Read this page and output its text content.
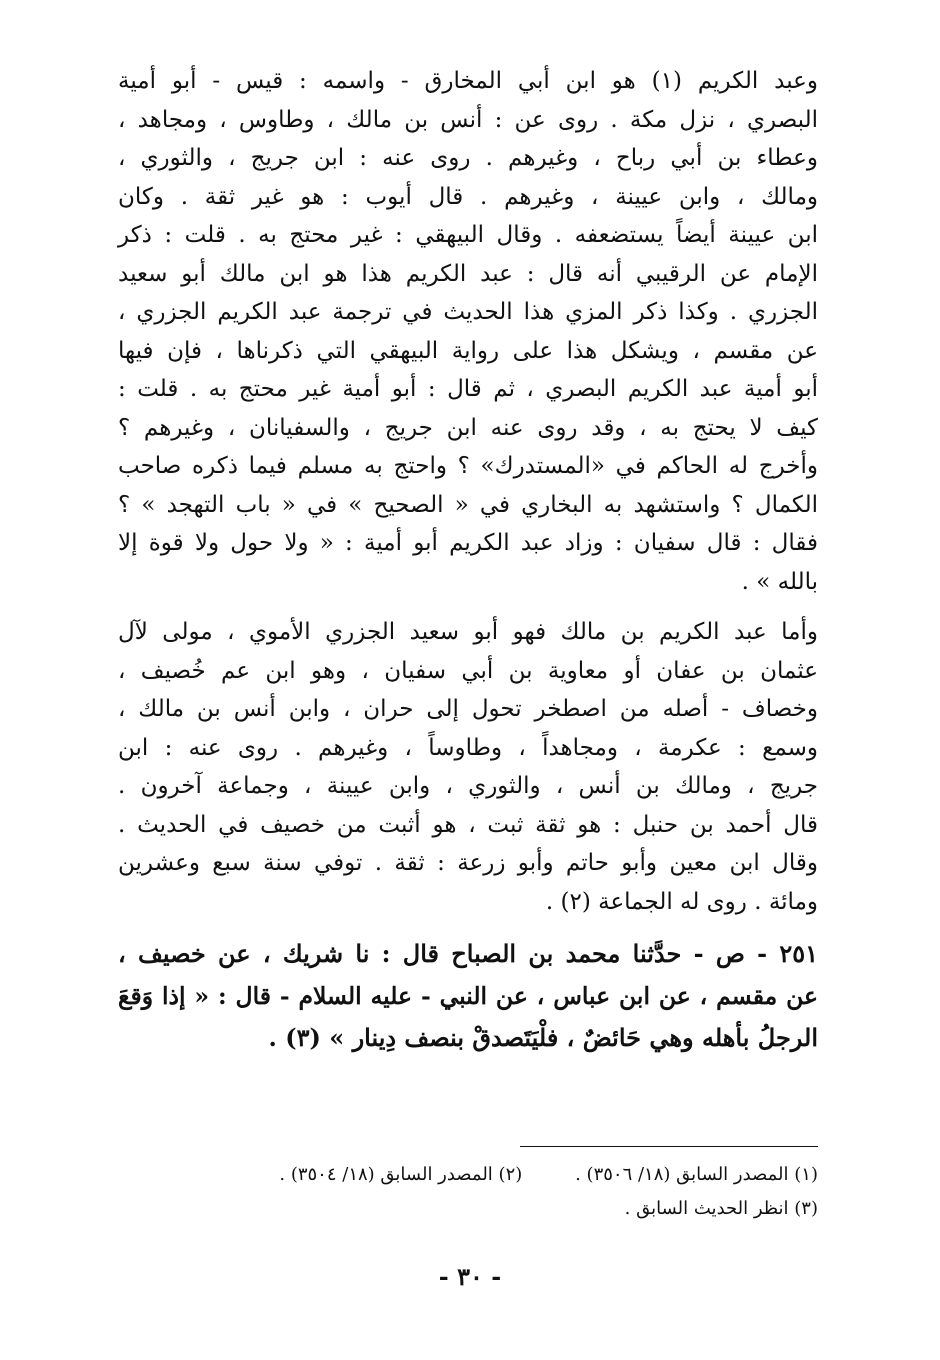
وعبد الكريم (١) هو ابن أبي المخارق - واسمه : قيس - أبو أمية
البصري ، نزل مكة . روى عن : أنس بن مالك ، وطاوس ، ومجاهد ،
وعطاء بن أبي رباح ، وغيرهم . روى عنه : ابن جريج ، والثوري ،
ومالك ، وابن عيينة ، وغيرهم . قال أيوب : هو غير ثقة . وكان
ابن عيينة أيضاً يستضعفه . وقال البيهقي : غير محتج به . قلت : ذكر
الإمام عن الرقيبي أنه قال : عبد الكريم هذا هو ابن مالك أبو سعيد
الجزري . وكذا ذكر المزي هذا الحديث في ترجمة عبد الكريم الجزري ،
عن مقسم ، ويشكل هذا على رواية البيهقي التي ذكرناها ، فإن فيها
أبو أمية عبد الكريم البصري ، ثم قال : أبو أمية غير محتج به . قلت :
كيف لا يحتج به ، وقد روى عنه ابن جريج ، والسفيانان ، وغيرهم ؟
وأخرج له الحاكم في «المستدرك» ؟ واحتج به مسلم فيما ذكره صاحب
الكمال ؟ واستشهد به البخاري في « الصحيح » في « باب التهجد » ؟
فقال : قال سفيان : وزاد عبد الكريم أبو أمية : « ولا حول ولا قوة إلا
بالله » .
وأما عبد الكريم بن مالك فهو أبو سعيد الجزري الأموي ، مولى لآل
عثمان بن عفان أو معاوية بن أبي سفيان ، وهو ابن عم خُصيف ،
وخصاف - أصله من اصطخر تحول إلى حران ، وابن أنس بن مالك ،
وسمع : عكرمة ، ومجاهداً ، وطاوساً ، وغيرهم . روى عنه : ابن
جريج ، ومالك بن أنس ، والثوري ، وابن عيينة ، وجماعة آخرون .
قال أحمد بن حنبل : هو ثقة ثبت ، هو أثبت من خصيف في الحديث .
وقال ابن معين وأبو حاتم وأبو زرعة : ثقة . توفي سنة سبع وعشرين
ومائة . روى له الجماعة (٢) .
٢٥١ - ص - حدَّثنا محمد بن الصباح قال : نا شريك ، عن خصيف ،
عن مقسم ، عن ابن عباس ، عن النبي - عليه السلام - قال : « إذا وَقعَ
الرجلُ بأهله وهي حَائضٌ ، فلْيَتَصدقْ بنصف دِينار » (٣) .
(١) المصدر السابق (١٨/ ٣٥٠٦) . (٢) المصدر السابق (١٨/ ٣٥٠٤) .
(٣) انظر الحديث السابق .
- ٣٠ -
